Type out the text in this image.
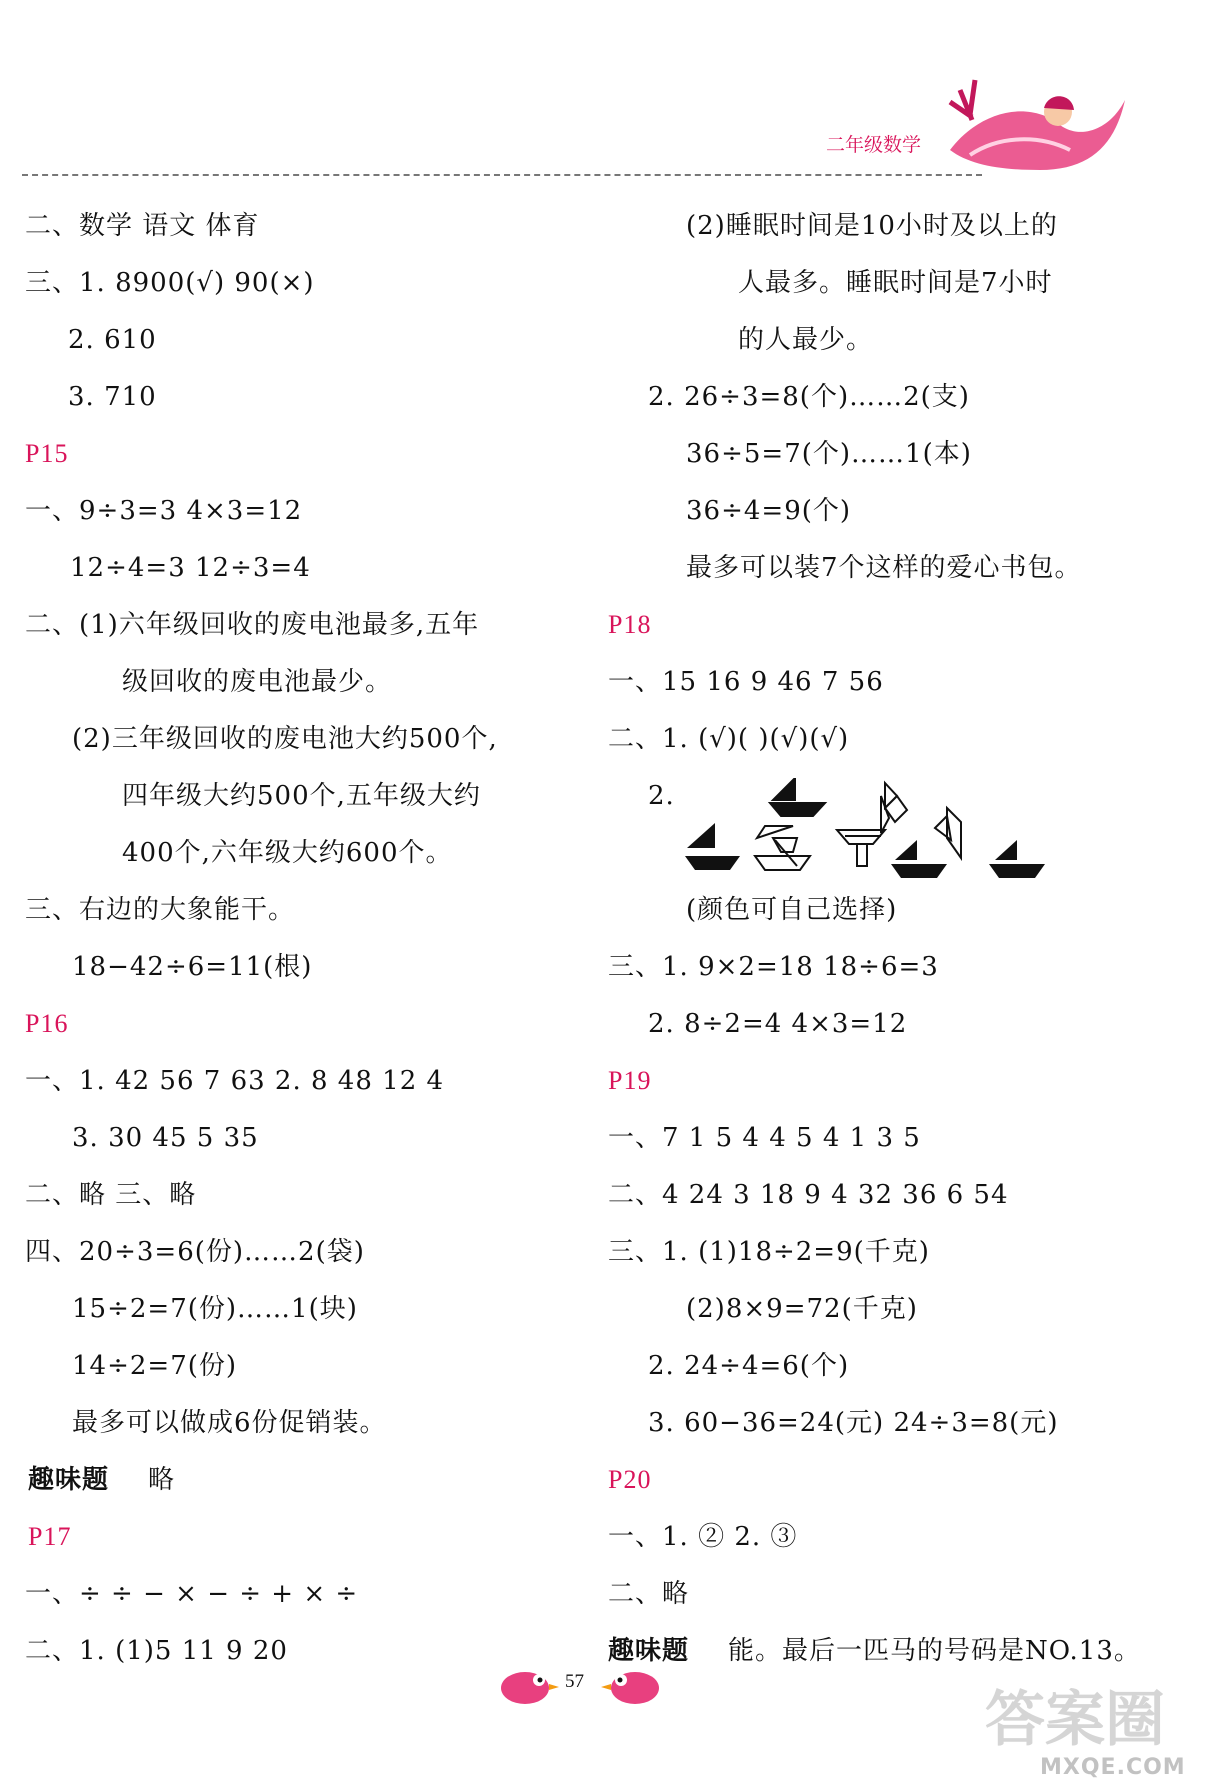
二年级数学
二、数学 语文 体育
三、1. 8900(√) 90(×)
2. 610
3. 710
P15
一、9÷3=3 4×3=12
12÷4=3 12÷3=4
二、(1)六年级回收的废电池最多,五年
级回收的废电池最少。
(2)三年级回收的废电池大约500个,
四年级大约500个,五年级大约
400个,六年级大约600个。
三、右边的大象能干。
18−42÷6=11(根)
P16
一、1. 42 56 7 63 2. 8 48 12 4
3. 30 45 5 35
二、略 三、略
四、20÷3=6(份)……2(袋)
15÷2=7(份)……1(块)
14÷2=7(份)
最多可以做成6份促销装。
趣味题 略
P17
一、÷ ÷ − × − ÷ + × ÷
二、1. (1)5 11 9 20
(2)睡眠时间是10小时及以上的
人最多。睡眠时间是7小时
的人最少。
2. 26÷3=8(个)……2(支)
36÷5=7(个)……1(本)
36÷4=9(个)
最多可以装7个这样的爱心书包。
P18
一、15 16 9 46 7 56
二、1. (√)( )(√)(√)
2.
(颜色可自己选择)
三、1. 9×2=18 18÷6=3
2. 8÷2=4 4×3=12
P19
一、7 1 5 4 4 5 4 1 3 5
二、4 24 3 18 9 4 32 36 6 54
三、1. (1)18÷2=9(千克)
(2)8×9=72(千克)
2. 24÷4=6(个)
3. 60−36=24(元) 24÷3=8(元)
P20
一、1. ② 2. ③
二、略
趣味题 能。最后一匹马的号码是NO.13。
57
答案圈
MXQE.COM
